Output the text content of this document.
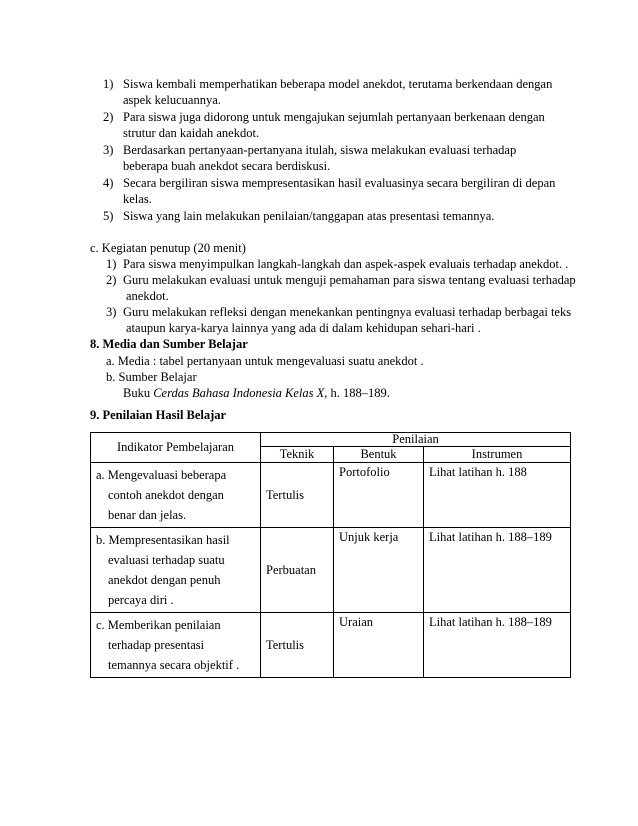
1) Siswa kembali memperhatikan beberapa model anekdot, terutama berkendaan dengan
aspek kelucuannya.
2) Para siswa juga didorong untuk mengajukan sejumlah pertanyaan berkenaan dengan
strutur dan kaidah anekdot.
3) Berdasarkan pertanyaan-pertanyana itulah, siswa melakukan evaluasi terhadap
beberapa buah anekdot secara berdiskusi.
4) Secara bergiliran siswa mempresentasikan hasil evaluasinya secara bergiliran di depan
kelas.
5) Siswa yang lain melakukan penilaian/tanggapan atas presentasi temannya.
c. Kegiatan penutup (20 menit)
1) Para siswa menyimpulkan langkah-langkah dan aspek-aspek evaluais terhadap anekdot. .
2) Guru melakukan evaluasi untuk menguji pemahaman para siswa tentang evaluasi terhadap
anekdot.
3) Guru melakukan refleksi dengan menekankan pentingnya evaluasi terhadap berbagai teks
ataupun karya-karya lainnya yang ada di dalam kehidupan sehari-hari .
8. Media dan Sumber Belajar
a. Media : tabel pertanyaan untuk mengevaluasi suatu anekdot .
b. Sumber Belajar
Buku Cerdas Bahasa Indonesia Kelas X, h. 188–189.
9. Penilaian Hasil Belajar
Indikator Pembelajaran	Penilaian		
	Teknik	Bentuk	Instrumen

a. Mengevaluasi beberapa
contoh anekdot dengan
benar dan jelas.	Tertulis	Portofolio	Lihat latihan h. 188

b. Mempresentasikan hasil
evaluasi terhadap suatu
anekdot dengan penuh
percaya diri .	Perbuatan	Unjuk kerja	Lihat latihan h. 188–189

c. Memberikan penilaian
terhadap presentasi
temannya secara objektif .	Tertulis	Uraian	Lihat latihan h. 188–189
